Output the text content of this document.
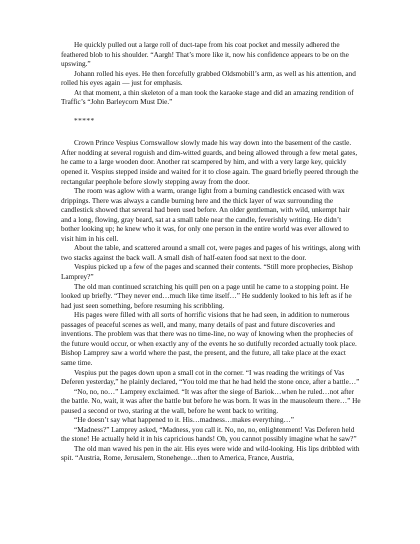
He quickly pulled out a large roll of duct-tape from his coat pocket and messily adhered the feathered blob to his shoulder. “Aargh! That’s more like it, now his confidence appears to be on the upswing.”

Johann rolled his eyes. He then forcefully grabbed Oldsmobill’s arm, as well as his attention, and rolled his eyes again — just for emphasis.

At that moment, a thin skeleton of a man took the karaoke stage and did an amazing rendition of Traffic’s “John Barleycorn Must Die.”

*****

Crown Prince Vespius Cornswallow slowly made his way down into the basement of the castle. After nodding at several roguish and dim-witted guards, and being allowed through a few metal gates, he came to a large wooden door. Another rat scampered by him, and with a very large key, quickly opened it. Vespius stepped inside and waited for it to close again. The guard briefly peered through the rectangular peephole before slowly stepping away from the door.

The room was aglow with a warm, orange light from a burning candlestick encased with wax drippings. There was always a candle burning here and the thick layer of wax surrounding the candlestick showed that several had been used before. An older gentleman, with wild, unkempt hair and a long, flowing, gray beard, sat at a small table near the candle, feverishly writing. He didn’t bother looking up; he knew who it was, for only one person in the entire world was ever allowed to visit him in his cell.

About the table, and scattered around a small cot, were pages and pages of his writings, along with two stacks against the back wall. A small dish of half-eaten food sat next to the door.

Vespius picked up a few of the pages and scanned their contents. “Still more prophecies, Bishop Lamprey?”

The old man continued scratching his quill pen on a page until he came to a stopping point. He looked up briefly. “They never end…much like time itself…” He suddenly looked to his left as if he had just seen something, before resuming his scribbling.

His pages were filled with all sorts of horrific visions that he had seen, in addition to numerous passages of peaceful scenes as well, and many, many details of past and future discoveries and inventions. The problem was that there was no time-line, no way of knowing when the prophecies of the future would occur, or when exactly any of the events he so dutifully recorded actually took place. Bishop Lamprey saw a world where the past, the present, and the future, all take place at the exact same time.

Vespius put the pages down upon a small cot in the corner. “I was reading the writings of Vas Deferen yesterday,” he plainly declared, “You told me that he had held the stone once, after a battle…”

“No, no, no…” Lamprey exclaimed. “It was after the siege of Bariok…when he ruled…not after the battle. No, wait, it was after the battle but before he was born. It was in the mausoleum there…” He paused a second or two, staring at the wall, before he went back to writing.

“He doesn’t say what happened to it. His…madness…makes everything…”

“Madness?” Lamprey asked, “Madness, you call it. No, no, no, enlightenment! Vas Deferen held the stone! He actually held it in his capricious hands! Oh, you cannot possibly imagine what he saw?”

The old man waved his pen in the air. His eyes were wide and wild-looking. His lips dribbled with spit. “Austria, Rome, Jerusalem, Stonehenge…then to America, France, Austria,
